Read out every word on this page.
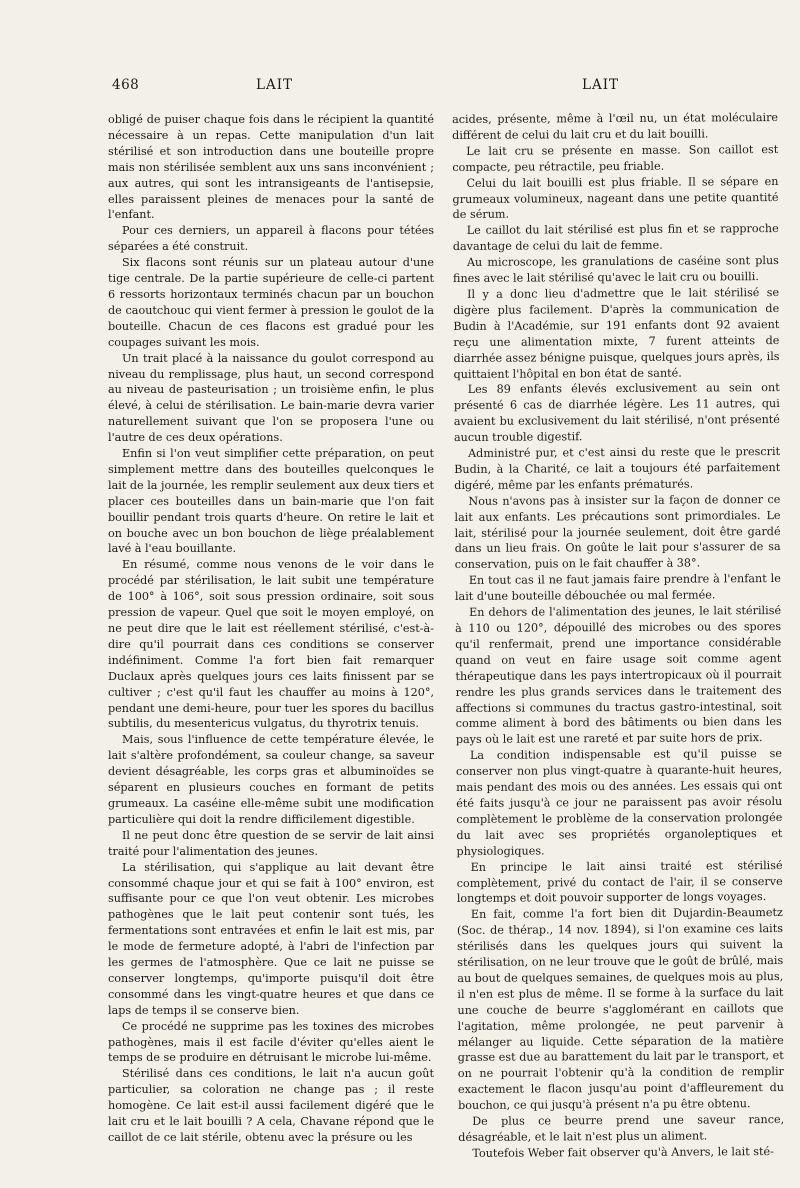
468	LAIT	LAIT

obligé de puiser chaque fois dans le récipient la quantité nécessaire à un repas. Cette manipulation d'un lait stérilisé et son introduction dans une bouteille propre mais non stérilisée semblent aux uns sans inconvénient ; aux autres, qui sont les intransigeants de l'antisepsie, elles paraissent pleines de menaces pour la santé de l'enfant.

Pour ces derniers, un appareil à flacons pour tétées séparées a été construit.

Six flacons sont réunis sur un plateau autour d'une tige centrale. De la partie supérieure de celle-ci partent 6 ressorts horizontaux terminés chacun par un bouchon de caoutchouc qui vient fermer à pression le goulot de la bouteille. Chacun de ces flacons est gradué pour les coupages suivant les mois.

Un trait placé à la naissance du goulot correspond au niveau du remplissage, plus haut, un second correspond au niveau de pasteurisation ; un troisième enfin, le plus élevé, à celui de stérilisation. Le bain-marie devra varier naturellement suivant que l'on se proposera l'une ou l'autre de ces deux opérations.

Enfin si l'on veut simplifier cette préparation, on peut simplement mettre dans des bouteilles quelconques le lait de la journée, les remplir seulement aux deux tiers et placer ces bouteilles dans un bain-marie que l'on fait bouillir pendant trois quarts d'heure. On retire le lait et on bouche avec un bon bouchon de liège préalablement lavé à l'eau bouillante.

En résumé, comme nous venons de le voir dans le procédé par stérilisation, le lait subit une température de 100° à 106°, soit sous pression ordinaire, soit sous pression de vapeur. Quel que soit le moyen employé, on ne peut dire que le lait est réellement stérilisé, c'est-à-dire qu'il pourrait dans ces conditions se conserver indéfiniment. Comme l'a fort bien fait remarquer Duclaux après quelques jours ces laits finissent par se cultiver ; c'est qu'il faut les chauffer au moins à 120°, pendant une demi-heure, pour tuer les spores du bacillus subtilis, du mesentericus vulgatus, du thyrotrix tenuis.

Mais, sous l'influence de cette température élevée, le lait s'altère profondément, sa couleur change, sa saveur devient désagréable, les corps gras et albuminoïdes se séparent en plusieurs couches en formant de petits grumeaux. La caséine elle-même subit une modification particulière qui doit la rendre difficilement digestible.

Il ne peut donc être question de se servir de lait ainsi traité pour l'alimentation des jeunes.

La stérilisation, qui s'applique au lait devant être consommé chaque jour et qui se fait à 100° environ, est suffisante pour ce que l'on veut obtenir. Les microbes pathogènes que le lait peut contenir sont tués, les fermentations sont entravées et enfin le lait est mis, par le mode de fermeture adopté, à l'abri de l'infection par les germes de l'atmosphère. Que ce lait ne puisse se conserver longtemps, qu'importe puisqu'il doit être consommé dans les vingt-quatre heures et que dans ce laps de temps il se conserve bien.

Ce procédé ne supprime pas les toxines des microbes pathogènes, mais il est facile d'éviter qu'elles aient le temps de se produire en détruisant le microbe lui-même.

Stérilisé dans ces conditions, le lait n'a aucun goût particulier, sa coloration ne change pas ; il reste homogène. Ce lait est-il aussi facilement digéré que le lait cru et le lait bouilli ? A cela, Chavane répond que le caillot de ce lait stérile, obtenu avec la présure ou les

acides, présente, même à l'œil nu, un état moléculaire différent de celui du lait cru et du lait bouilli.

Le lait cru se présente en masse. Son caillot est compacte, peu rétractile, peu friable.

Celui du lait bouilli est plus friable. Il se sépare en grumeaux volumineux, nageant dans une petite quantité de sérum.

Le caillot du lait stérilisé est plus fin et se rapproche davantage de celui du lait de femme.

Au microscope, les granulations de caséine sont plus fines avec le lait stérilisé qu'avec le lait cru ou bouilli.

Il y a donc lieu d'admettre que le lait stérilisé se digère plus facilement. D'après la communication de Budin à l'Académie, sur 191 enfants dont 92 avaient reçu une alimentation mixte, 7 furent atteints de diarrhée assez bénigne puisque, quelques jours après, ils quittaient l'hôpital en bon état de santé.

Les 89 enfants élevés exclusivement au sein ont présenté 6 cas de diarrhée légère. Les 11 autres, qui avaient bu exclusivement du lait stérilisé, n'ont présenté aucun trouble digestif.

Administré pur, et c'est ainsi du reste que le prescrit Budin, à la Charité, ce lait a toujours été parfaitement digéré, même par les enfants prématurés.

Nous n'avons pas à insister sur la façon de donner ce lait aux enfants. Les précautions sont primordiales. Le lait, stérilisé pour la journée seulement, doit être gardé dans un lieu frais. On goûte le lait pour s'assurer de sa conservation, puis on le fait chauffer à 38°.

En tout cas il ne faut jamais faire prendre à l'enfant le lait d'une bouteille débouchée ou mal fermée.

En dehors de l'alimentation des jeunes, le lait stérilisé à 110 ou 120°, dépouillé des microbes ou des spores qu'il renfermait, prend une importance considérable quand on veut en faire usage soit comme agent thérapeutique dans les pays intertropicaux où il pourrait rendre les plus grands services dans le traitement des affections si communes du tractus gastro-intestinal, soit comme aliment à bord des bâtiments ou bien dans les pays où le lait est une rareté et par suite hors de prix.

La condition indispensable est qu'il puisse se conserver non plus vingt-quatre à quarante-huit heures, mais pendant des mois ou des années. Les essais qui ont été faits jusqu'à ce jour ne paraissent pas avoir résolu complètement le problème de la conservation prolongée du lait avec ses propriétés organoleptiques et physiologiques.

En principe le lait ainsi traité est stérilisé complètement, privé du contact de l'air, il se conserve longtemps et doit pouvoir supporter de longs voyages.

En fait, comme l'a fort bien dit Dujardin-Beaumetz (Soc. de thérap., 14 nov. 1894), si l'on examine ces laits stérilisés dans les quelques jours qui suivent la stérilisation, on ne leur trouve que le goût de brûlé, mais au bout de quelques semaines, de quelques mois au plus, il n'en est plus de même. Il se forme à la surface du lait une couche de beurre s'agglomérant en caillots que l'agitation, même prolongée, ne peut parvenir à mélanger au liquide. Cette séparation de la matière grasse est due au barattement du lait par le transport, et on ne pourrait l'obtenir qu'à la condition de remplir exactement le flacon jusqu'au point d'affleurement du bouchon, ce qui jusqu'à présent n'a pu être obtenu.

De plus ce beurre prend une saveur rance, désagréable, et le lait n'est plus un aliment.

Toutefois Weber fait observer qu'à Anvers, le lait sté-
